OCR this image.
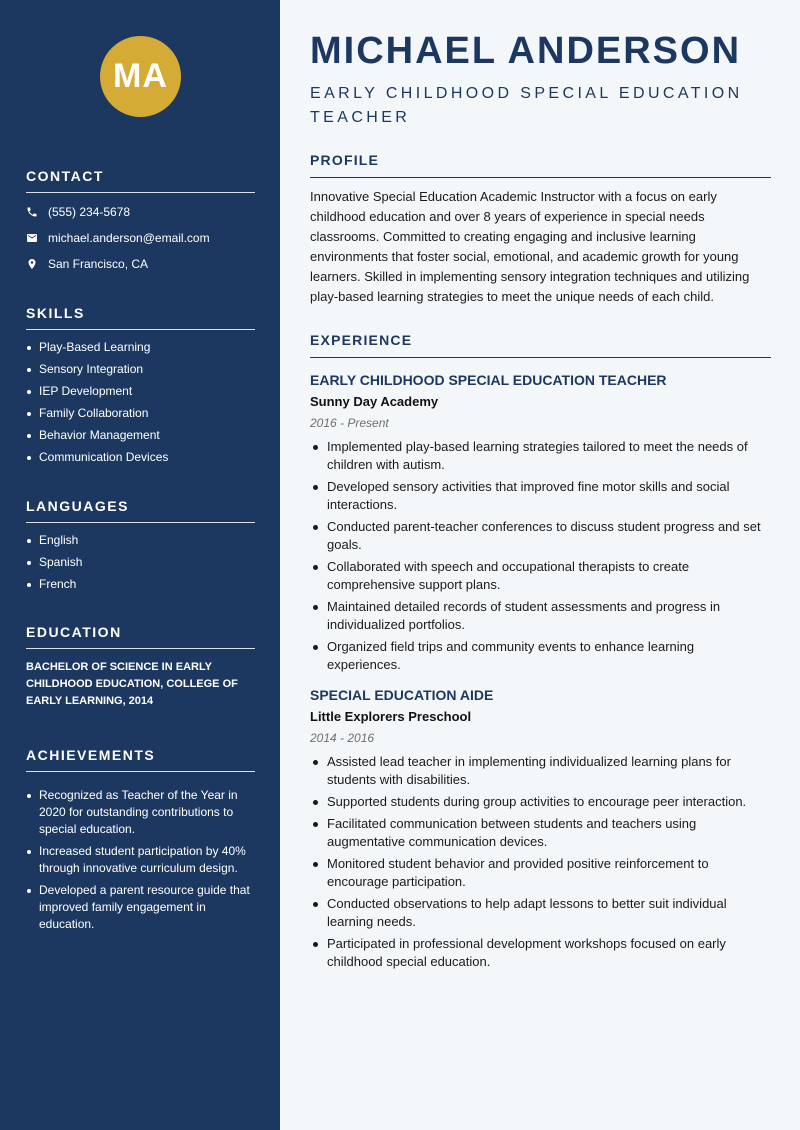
MA
CONTACT
(555) 234-5678
michael.anderson@email.com
San Francisco, CA
SKILLS
Play-Based Learning
Sensory Integration
IEP Development
Family Collaboration
Behavior Management
Communication Devices
LANGUAGES
English
Spanish
French
EDUCATION
BACHELOR OF SCIENCE IN EARLY CHILDHOOD EDUCATION, COLLEGE OF EARLY LEARNING, 2014
ACHIEVEMENTS
Recognized as Teacher of the Year in 2020 for outstanding contributions to special education.
Increased student participation by 40% through innovative curriculum design.
Developed a parent resource guide that improved family engagement in education.
MICHAEL ANDERSON
EARLY CHILDHOOD SPECIAL EDUCATION TEACHER
PROFILE
Innovative Special Education Academic Instructor with a focus on early childhood education and over 8 years of experience in special needs classrooms. Committed to creating engaging and inclusive learning environments that foster social, emotional, and academic growth for young learners. Skilled in implementing sensory integration techniques and utilizing play-based learning strategies to meet the unique needs of each child.
EXPERIENCE
EARLY CHILDHOOD SPECIAL EDUCATION TEACHER
Sunny Day Academy
2016 - Present
Implemented play-based learning strategies tailored to meet the needs of children with autism.
Developed sensory activities that improved fine motor skills and social interactions.
Conducted parent-teacher conferences to discuss student progress and set goals.
Collaborated with speech and occupational therapists to create comprehensive support plans.
Maintained detailed records of student assessments and progress in individualized portfolios.
Organized field trips and community events to enhance learning experiences.
SPECIAL EDUCATION AIDE
Little Explorers Preschool
2014 - 2016
Assisted lead teacher in implementing individualized learning plans for students with disabilities.
Supported students during group activities to encourage peer interaction.
Facilitated communication between students and teachers using augmentative communication devices.
Monitored student behavior and provided positive reinforcement to encourage participation.
Conducted observations to help adapt lessons to better suit individual learning needs.
Participated in professional development workshops focused on early childhood special education.
